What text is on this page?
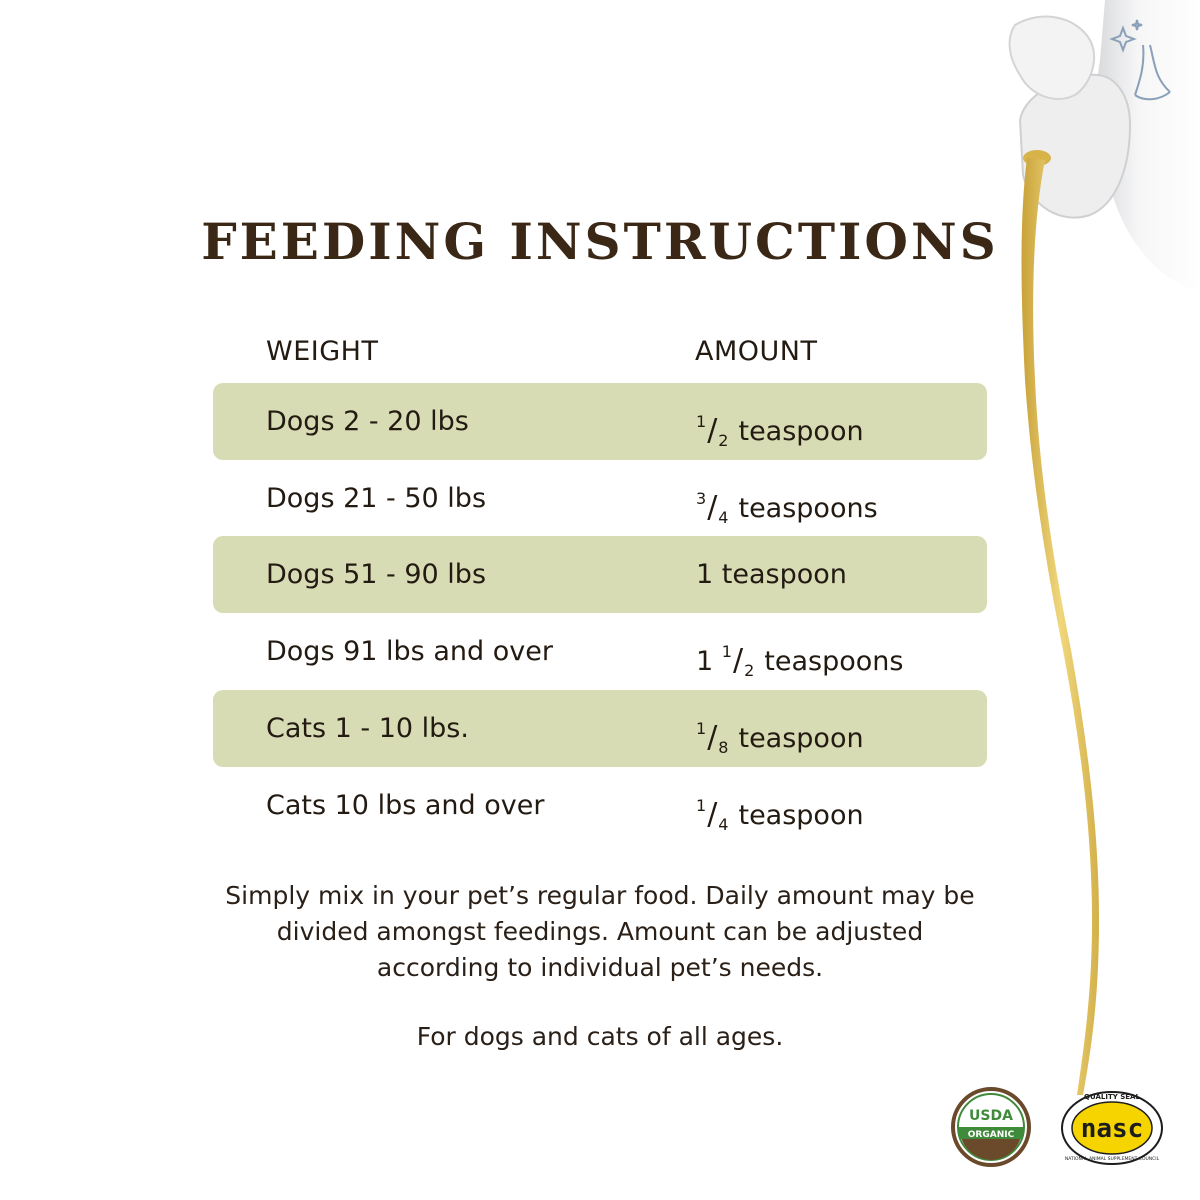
FEEDING INSTRUCTIONS
WEIGHT	AMOUNT
Dogs 2 - 20 lbs	$^1/_2$ teaspoon
Dogs 21 - 50 lbs	$^3/_4$ teaspoons
Dogs 51 - 90 lbs	1 teaspoon
Dogs 91 lbs and over	1 $^1/_2$ teaspoons
Cats 1 - 10 lbs.	$^1/_8$ teaspoon
Cats 10 lbs and over	$^1/_4$ teaspoon
Simply mix in your pet’s regular food. Daily amount may be
divided amongst feedings. Amount can be adjusted
according to individual pet’s needs.
For dogs and cats of all ages.
USDA
ORGANIC
QUALITY SEAL
nasc
NATIONAL ANIMAL SUPPLEMENT COUNCIL
